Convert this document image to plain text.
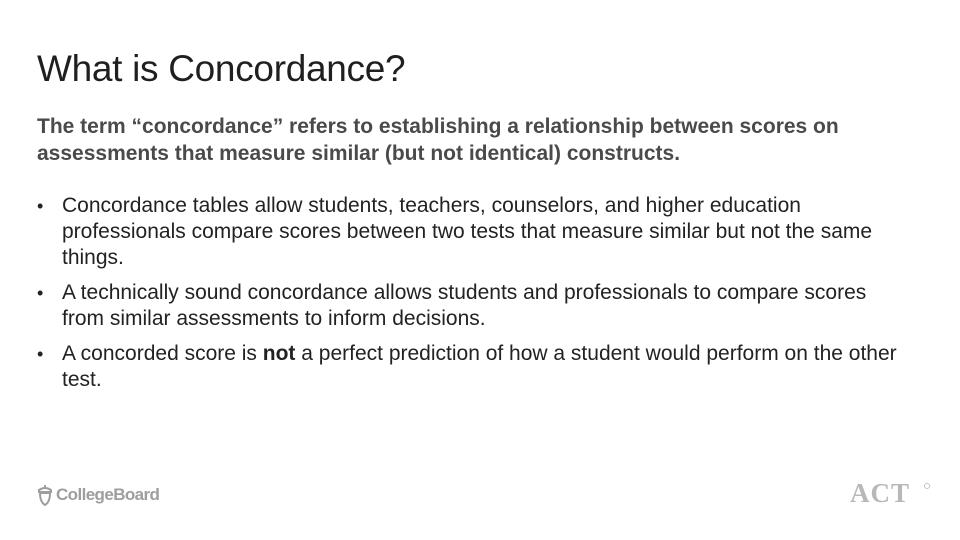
What is Concordance?

The term “concordance” refers to establishing a relationship between scores on assessments that measure similar (but not identical) constructs.

• Concordance tables allow students, teachers, counselors, and higher education professionals compare scores between two tests that measure similar but not the same things.
• A technically sound concordance allows students and professionals to compare scores from similar assessments to inform decisions.
• A concorded score is not a perfect prediction of how a student would perform on the other test.
CollegeBoard	ACT
